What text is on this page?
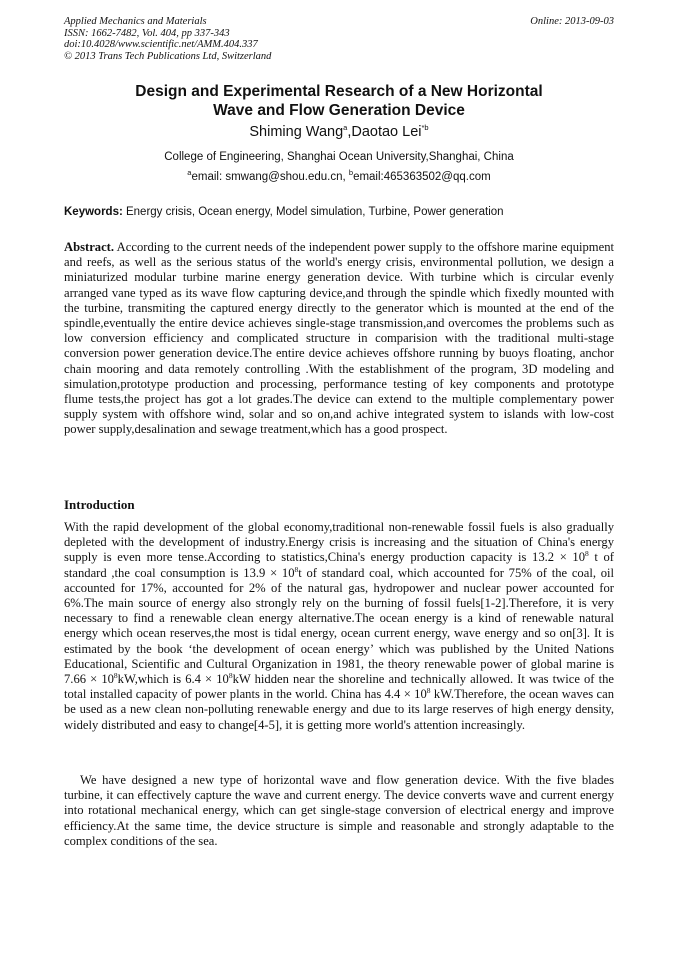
Applied Mechanics and Materials
ISSN: 1662-7482, Vol. 404, pp 337-343
doi:10.4028/www.scientific.net/AMM.404.337
© 2013 Trans Tech Publications Ltd, Switzerland
Online: 2013-09-03
Design and Experimental Research of a New Horizontal
Wave and Flow Generation Device
Shiming Wang$^a$,Daotao Lei$^{*b}$
College of Engineering, Shanghai Ocean University,Shanghai, China
$^a$email: smwang@shou.edu.cn, $^b$email:465363502@qq.com
Keywords: Energy crisis, Ocean energy, Model simulation, Turbine, Power generation
Abstract. According to the current needs of the independent power supply to the offshore marine equipment and reefs, as well as the serious status of the world's energy crisis, environmental pollution, we design a miniaturized modular turbine marine energy generation device. With turbine which is circular evenly arranged vane typed as its wave flow capturing device,and through the spindle which fixedly mounted with the turbine, transmiting the captured energy directly to the generator which is mounted at the end of the spindle,eventually the entire device achieves single-stage transmission,and overcomes the problems such as low conversion efficiency and complicated structure in comparision with the traditional multi-stage conversion power generation device.The entire device achieves offshore running by buoys floating, anchor chain mooring and data remotely controlling .With the establishment of the program, 3D modeling and simulation,prototype production and processing, performance testing of key components and prototype flume tests,the project has got a lot grades.The device can extend to the multiple complementary power supply system with offshore wind, solar and so on,and achive integrated system to islands with low-cost power supply,desalination and sewage treatment,which has a good prospect.
Introduction
With the rapid development of the global economy,traditional non-renewable fossil fuels is also gradually depleted with the development of industry.Energy crisis is increasing and the situation of China's energy supply is even more tense.According to statistics,China's energy production capacity is $13.2 \times 10^8$ t of standard ,the coal consumption is $13.9 \times 10^8t$ of standard coal, which accounted for 75% of the coal, oil accounted for 17%, accounted for 2% of the natural gas, hydropower and nuclear power accounted for 6%.The main source of energy also strongly rely on the burning of fossil fuels[1-2].Therefore, it is very necessary to find a renewable clean energy alternative.The ocean energy is a kind of renewable natural energy which ocean reserves,the most is tidal energy, ocean current energy, wave energy and so on[3]. It is estimated by the book ‘the development of ocean energy’ which was published by the United Nations Educational, Scientific and Cultural Organization in 1981, the theory renewable power of global marine is $7.66 \times 10^8kW,which$ is $6.4 \times 10^8kW$ hidden near the shoreline and technically allowed. It was twice of the total installed capacity of power plants in the world. China has $4.4 \times 10^8$ kW.Therefore, the ocean waves can be used as a new clean non-polluting renewable energy and due to its large reserves of high energy density, widely distributed and easy to change[4-5], it is getting more world's attention increasingly.
We have designed a new type of horizontal wave and flow generation device. With the five blades turbine, it can effectively capture the wave and current energy. The device converts wave and current energy into rotational mechanical energy, which can get single-stage conversion of electrical energy and improve efficiency.At the same time, the device structure is simple and reasonable and strongly adaptable to the complex conditions of the sea.
